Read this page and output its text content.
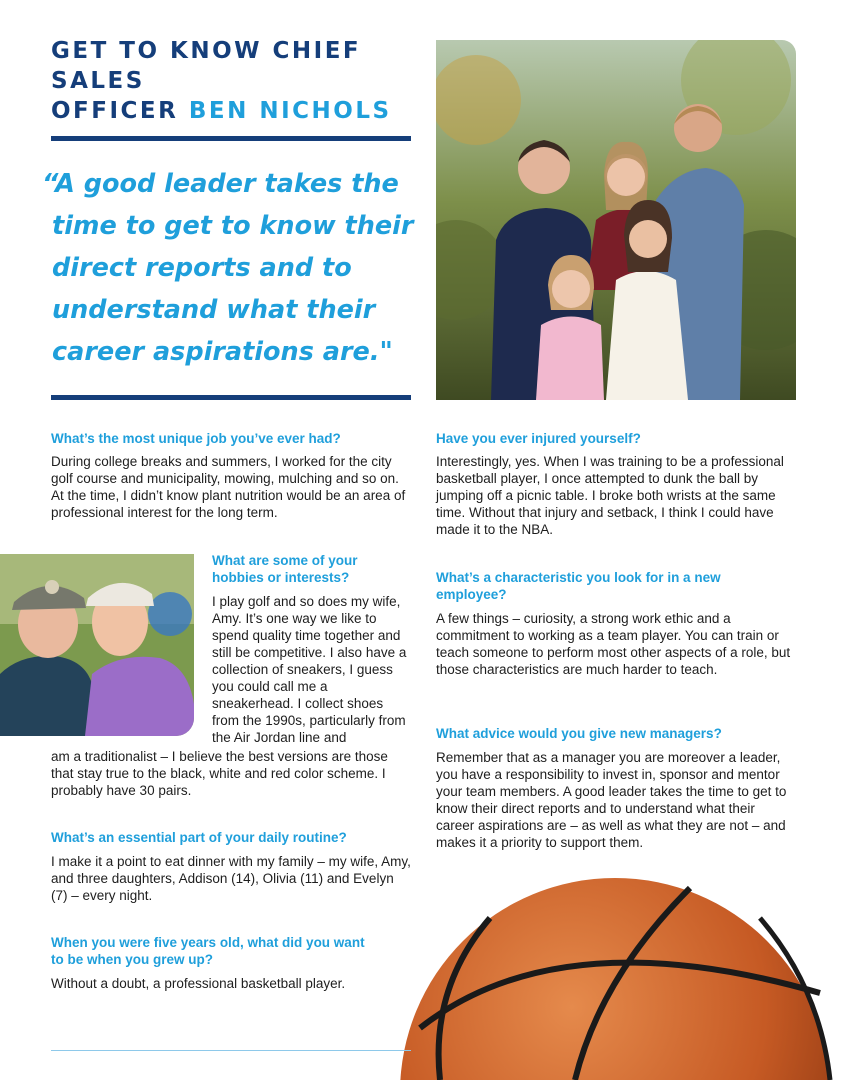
GET TO KNOW CHIEF SALES
OFFICER BEN NICHOLS

“A good leader takes the time to get to know their direct reports and to understand what their career aspirations are."

What’s the most unique job you’ve ever had?

During college breaks and summers, I worked for the city golf course and municipality, mowing, mulching and so on. At the time, I didn’t know plant nutrition would be an area of professional interest for the long term.

What are some of your hobbies or interests?

I play golf and so does my wife, Amy. It’s one way we like to spend quality time together and still be competitive. I also have a collection of sneakers, I guess you could call me a sneakerhead. I collect shoes from the 1990s, particularly from the Air Jordan line and

am a traditionalist – I believe the best versions are those that stay true to the black, white and red color scheme. I probably have 30 pairs.

What’s an essential part of your daily routine?

I make it a point to eat dinner with my family – my wife, Amy, and three daughters, Addison (14), Olivia (11) and Evelyn (7) – every night.

When you were five years old, what did you want to be when you grew up?

Without a doubt, a professional basketball player.

Have you ever injured yourself?

Interestingly, yes. When I was training to be a professional basketball player, I once attempted to dunk the ball by jumping off a picnic table. I broke both wrists at the same time. Without that injury and setback, I think I could have made it to the NBA.

What’s a characteristic you look for in a new employee?

A few things – curiosity, a strong work ethic and a commitment to working as a team player. You can train or teach someone to perform most other aspects of a role, but those characteristics are much harder to teach.

What advice would you give new managers?

Remember that as a manager you are moreover a leader, you have a responsibility to invest in, sponsor and mentor your team members. A good leader takes the time to get to know their direct reports and to understand what their career aspirations are – as well as what they are not – and makes it a priority to support them.
